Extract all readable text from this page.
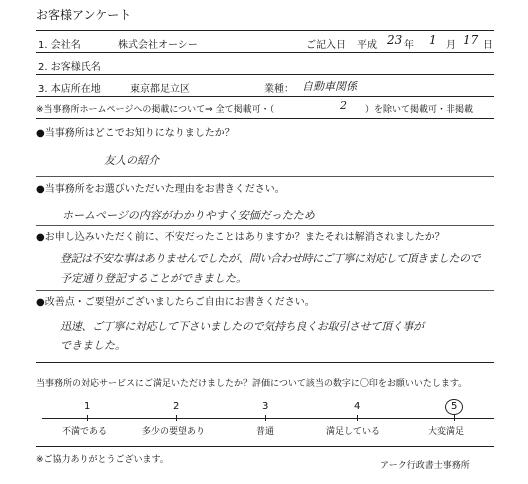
お客様アンケート
1. 会社名	株式会社オーシー	ご記入日 平成 23 年 1 月 17 日
2. お客様氏名
3. 本店所在地	東京都足立区	業種： 自動車関係
※当事務所ホームページへの掲載について⇒ 全て掲載可・（	2 ）を除いて掲載可・非掲載
●当事務所はどこでお知りになりましたか？
友人の紹介
●当事務所をお選びいただいた理由をお書きください。
ホームページの内容がわかりやすく安価だったため
●お申し込みいただく前に、不安だったことはありますか？またそれは解消されましたか？
登記は不安な事はありませんでしたが、問い合わせ時にご丁寧に対応して頂きましたので
予定通り登記することができました。
●改善点・ご要望がございましたらご自由にお書きください。
迅速、ご丁寧に対応して下さいましたので気持ち良くお取引させて頂く事が
できました。
当事務所の対応サービスにご満足いただけましたか？評価について該当の数字に〇印をお願いいたします。
1	2	3	4	5
不満である	多少の要望あり	普通	満足している	大変満足
※ご協力ありがとうございます。
アーク行政書士事務所
